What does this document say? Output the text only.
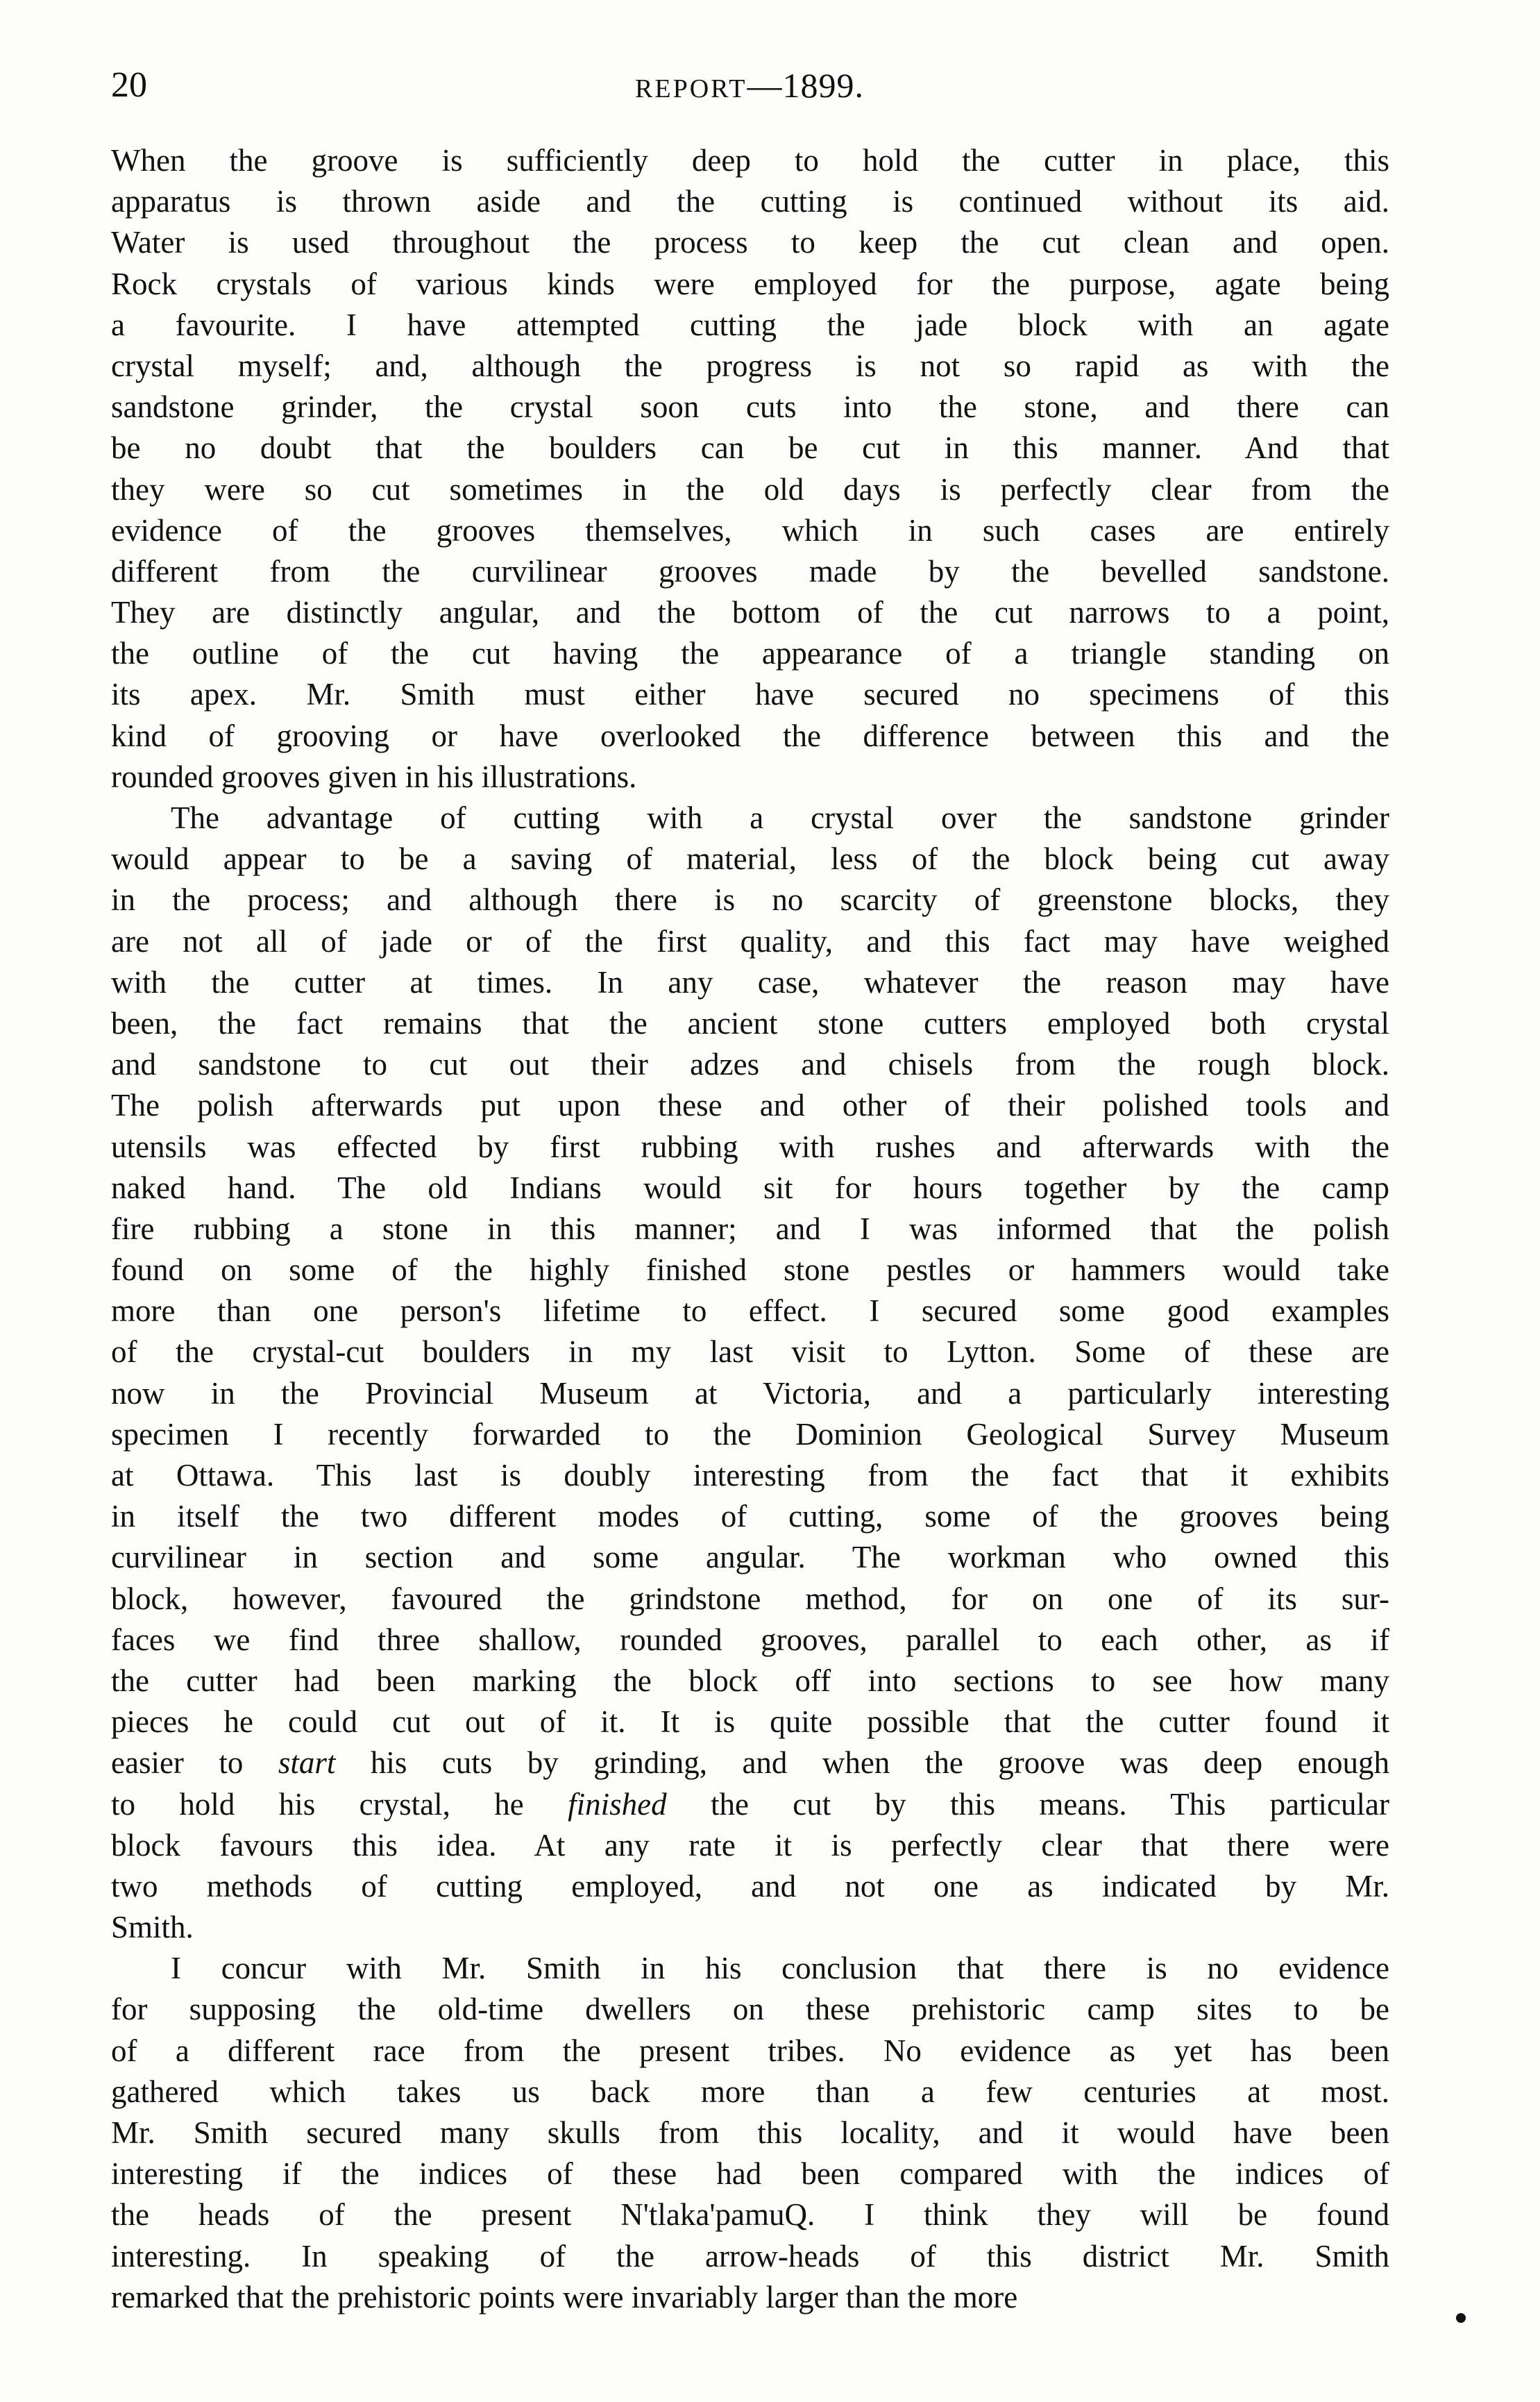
20	REPORT—1899.
When the groove is sufficiently deep to hold the cutter in place, this
apparatus is thrown aside and the cutting is continued without its aid.
Water is used throughout the process to keep the cut clean and open.
Rock crystals of various kinds were employed for the purpose, agate being
a favourite. I have attempted cutting the jade block with an agate
crystal myself; and, although the progress is not so rapid as with the
sandstone grinder, the crystal soon cuts into the stone, and there can
be no doubt that the boulders can be cut in this manner. And that
they were so cut sometimes in the old days is perfectly clear from the
evidence of the grooves themselves, which in such cases are entirely
different from the curvilinear grooves made by the bevelled sandstone.
They are distinctly angular, and the bottom of the cut narrows to a point,
the outline of the cut having the appearance of a triangle standing on
its apex. Mr. Smith must either have secured no specimens of this
kind of grooving or have overlooked the difference between this and the
rounded grooves given in his illustrations.
The advantage of cutting with a crystal over the sandstone grinder
would appear to be a saving of material, less of the block being cut away
in the process; and although there is no scarcity of greenstone blocks, they
are not all of jade or of the first quality, and this fact may have weighed
with the cutter at times. In any case, whatever the reason may have
been, the fact remains that the ancient stone cutters employed both crystal
and sandstone to cut out their adzes and chisels from the rough block.
The polish afterwards put upon these and other of their polished tools and
utensils was effected by first rubbing with rushes and afterwards with the
naked hand. The old Indians would sit for hours together by the camp
fire rubbing a stone in this manner; and I was informed that the polish
found on some of the highly finished stone pestles or hammers would take
more than one person's lifetime to effect. I secured some good examples
of the crystal-cut boulders in my last visit to Lytton. Some of these are
now in the Provincial Museum at Victoria, and a particularly interesting
specimen I recently forwarded to the Dominion Geological Survey Museum
at Ottawa. This last is doubly interesting from the fact that it exhibits
in itself the two different modes of cutting, some of the grooves being
curvilinear in section and some angular. The workman who owned this
block, however, favoured the grindstone method, for on one of its sur-
faces we find three shallow, rounded grooves, parallel to each other, as if
the cutter had been marking the block off into sections to see how many
pieces he could cut out of it. It is quite possible that the cutter found it
easier to start his cuts by grinding, and when the groove was deep enough
to hold his crystal, he finished the cut by this means. This particular
block favours this idea. At any rate it is perfectly clear that there were
two methods of cutting employed, and not one as indicated by Mr.
Smith.
I concur with Mr. Smith in his conclusion that there is no evidence
for supposing the old-time dwellers on these prehistoric camp sites to be
of a different race from the present tribes. No evidence as yet has been
gathered which takes us back more than a few centuries at most.
Mr. Smith secured many skulls from this locality, and it would have been
interesting if the indices of these had been compared with the indices of
the heads of the present N'tlaka'pamuQ. I think they will be found
interesting. In speaking of the arrow-heads of this district Mr. Smith
remarked that the prehistoric points were invariably larger than the more
